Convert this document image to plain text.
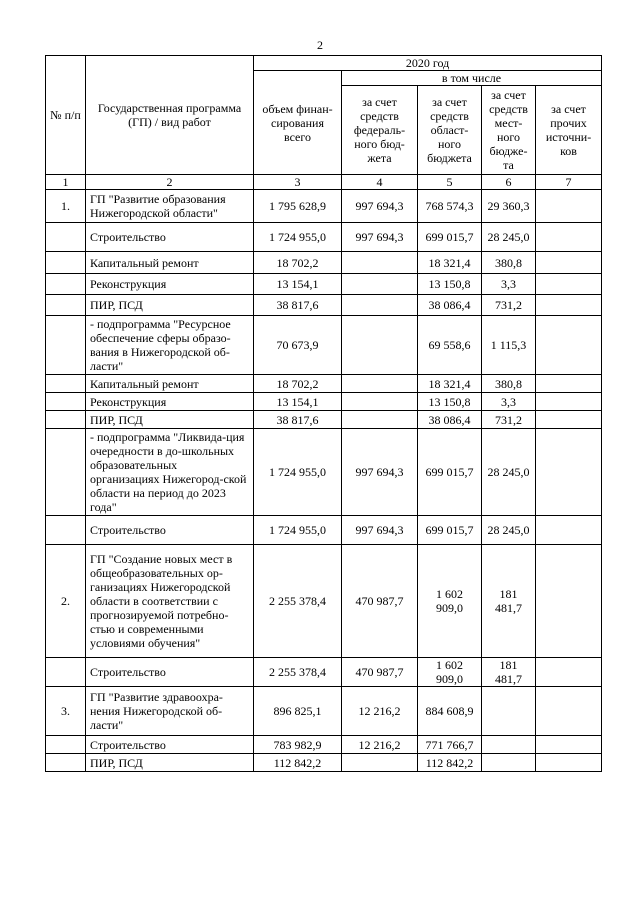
2
№ п/п	Государственная программа (ГП) / вид работ	2020 год				
		объем финан-сирования всего	в том числе			
			за счет средств федераль-ного бюд-жета	за счет средств област-ного бюджета	за счет средств мест-ного бюдже-та	за счет прочих источни-ков
1	2	3	4	5	6	7
1.	ГП "Развитие образования Нижегородской области"	1 795 628,9	997 694,3	768 574,3	29 360,3	
	Строительство	1 724 955,0	997 694,3	699 015,7	28 245,0	
	Капитальный ремонт	18 702,2		18 321,4	380,8	
	Реконструкция	13 154,1		13 150,8	3,3	
	ПИР, ПСД	38 817,6		38 086,4	731,2	
	- подпрограмма "Ресурсное обеспечение сферы образо-вания в Нижегородской об-ласти"	70 673,9		69 558,6	1 115,3	
	Капитальный ремонт	18 702,2		18 321,4	380,8	
	Реконструкция	13 154,1		13 150,8	3,3	
	ПИР, ПСД	38 817,6		38 086,4	731,2	
	- подпрограмма "Ликвида-ция очередности в до-школьных образовательных организациях Нижегород-ской области на период до 2023 года"	1 724 955,0	997 694,3	699 015,7	28 245,0	
	Строительство	1 724 955,0	997 694,3	699 015,7	28 245,0	
2.	ГП "Создание новых мест в общеобразовательных ор-ганизациях Нижегородской области в соответствии с прогнозируемой потребно-стью и современными условиями обучения"	2 255 378,4	470 987,7	1 602 909,0	181 481,7	
	Строительство	2 255 378,4	470 987,7	1 602 909,0	181 481,7	
3.	ГП "Развитие здравоохра-нения Нижегородской об-ласти"	896 825,1	12 216,2	884 608,9		
	Строительство	783 982,9	12 216,2	771 766,7		
	ПИР, ПСД	112 842,2		112 842,2		
